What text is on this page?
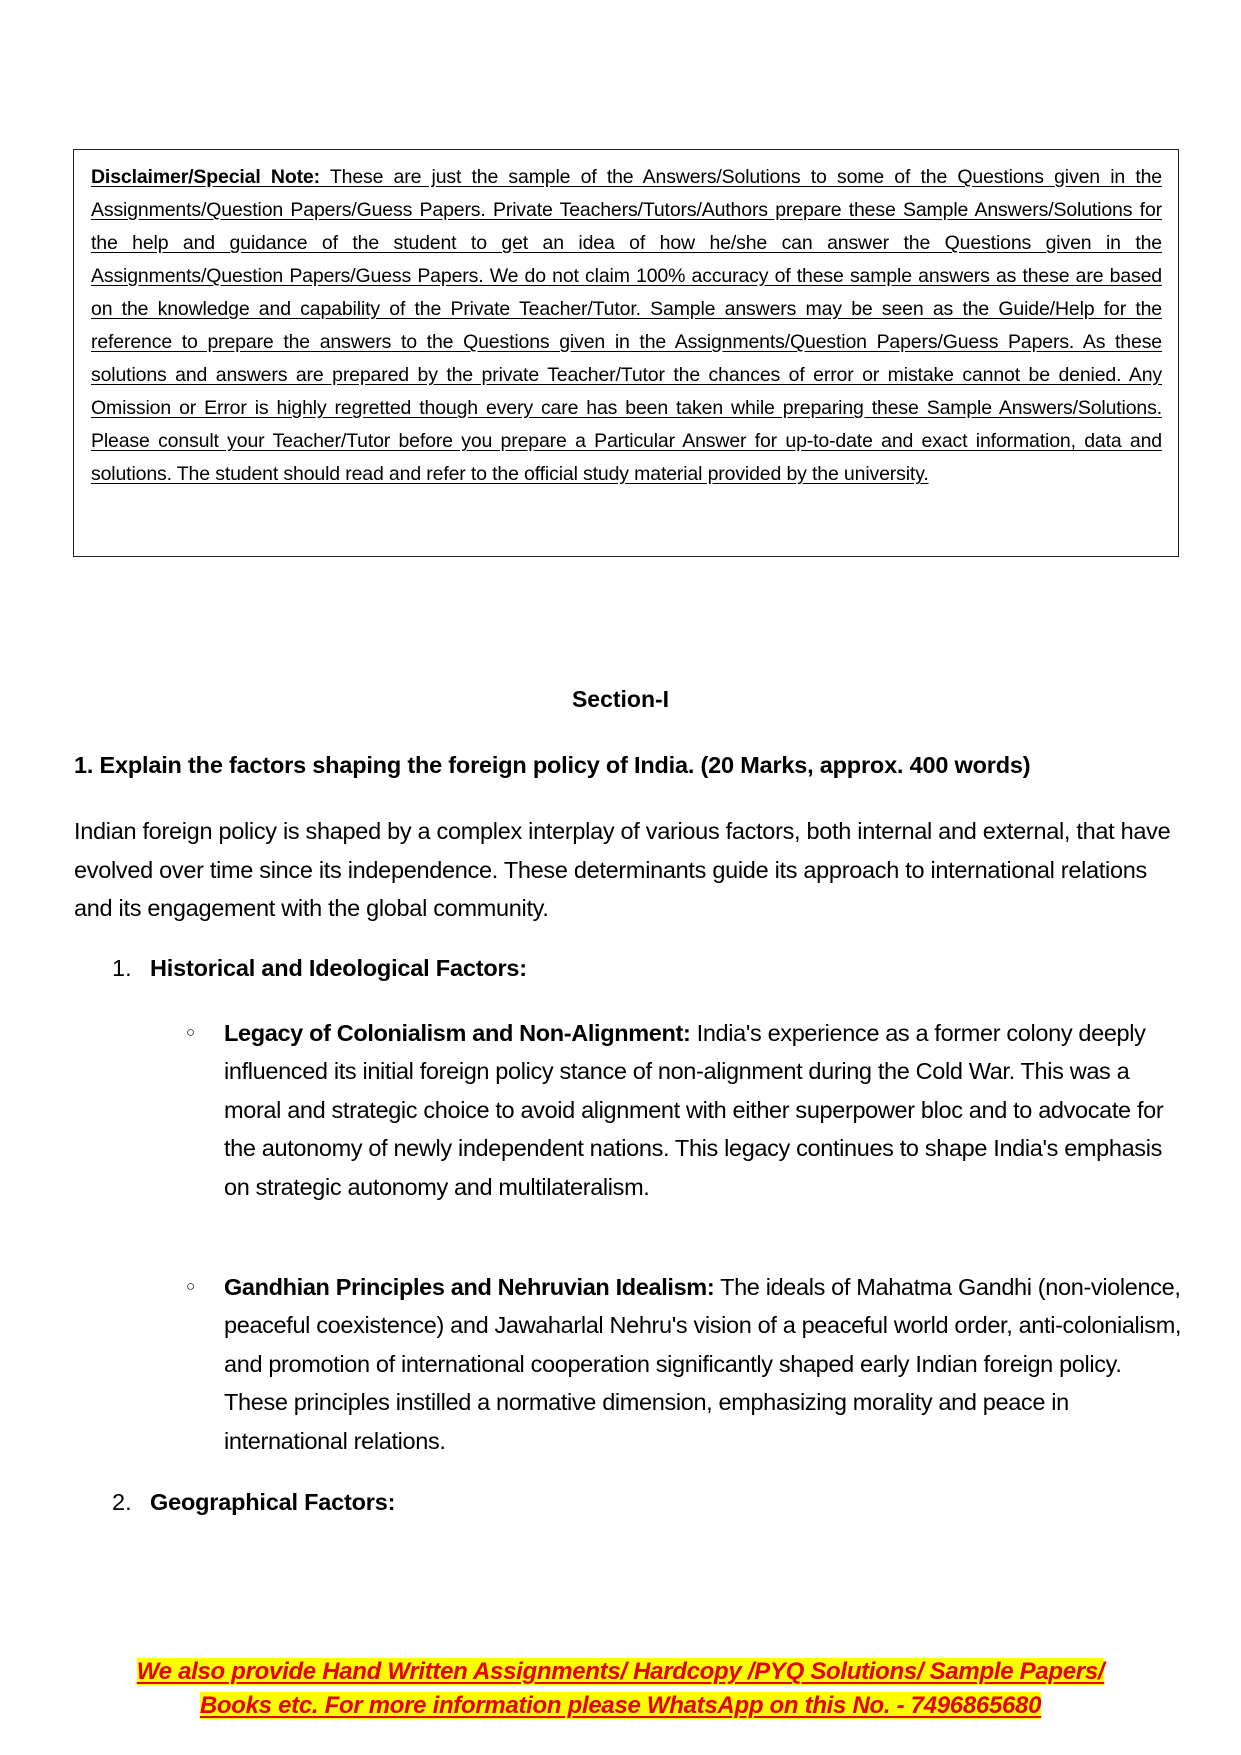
Disclaimer/Special Note: These are just the sample of the Answers/Solutions to some of the Questions given in the Assignments/Question Papers/Guess Papers. Private Teachers/Tutors/Authors prepare these Sample Answers/Solutions for the help and guidance of the student to get an idea of how he/she can answer the Questions given in the Assignments/Question Papers/Guess Papers. We do not claim 100% accuracy of these sample answers as these are based on the knowledge and capability of the Private Teacher/Tutor. Sample answers may be seen as the Guide/Help for the reference to prepare the answers to the Questions given in the Assignments/Question Papers/Guess Papers. As these solutions and answers are prepared by the private Teacher/Tutor the chances of error or mistake cannot be denied. Any Omission or Error is highly regretted though every care has been taken while preparing these Sample Answers/Solutions. Please consult your Teacher/Tutor before you prepare a Particular Answer for up-to-date and exact information, data and solutions. The student should read and refer to the official study material provided by the university.

Section-I
1. Explain the factors shaping the foreign policy of India. (20 Marks, approx. 400 words)

Indian foreign policy is shaped by a complex interplay of various factors, both internal and external, that have evolved over time since its independence. These determinants guide its approach to international relations and its engagement with the global community.

1. Historical and Ideological Factors:
○ Legacy of Colonialism and Non-Alignment: India's experience as a former colony deeply influenced its initial foreign policy stance of non-alignment during the Cold War. This was a moral and strategic choice to avoid alignment with either superpower bloc and to advocate for the autonomy of newly independent nations. This legacy continues to shape India's emphasis on strategic autonomy and multilateralism.
○ Gandhian Principles and Nehruvian Idealism: The ideals of Mahatma Gandhi (non-violence, peaceful coexistence) and Jawaharlal Nehru's vision of a peaceful world order, anti-colonialism, and promotion of international cooperation significantly shaped early Indian foreign policy. These principles instilled a normative dimension, emphasizing morality and peace in international relations.
2. Geographical Factors:
We also provide Hand Written Assignments/ Hardcopy /PYQ Solutions/ Sample Papers/
Books etc. For more information please WhatsApp on this No. - 7496865680
